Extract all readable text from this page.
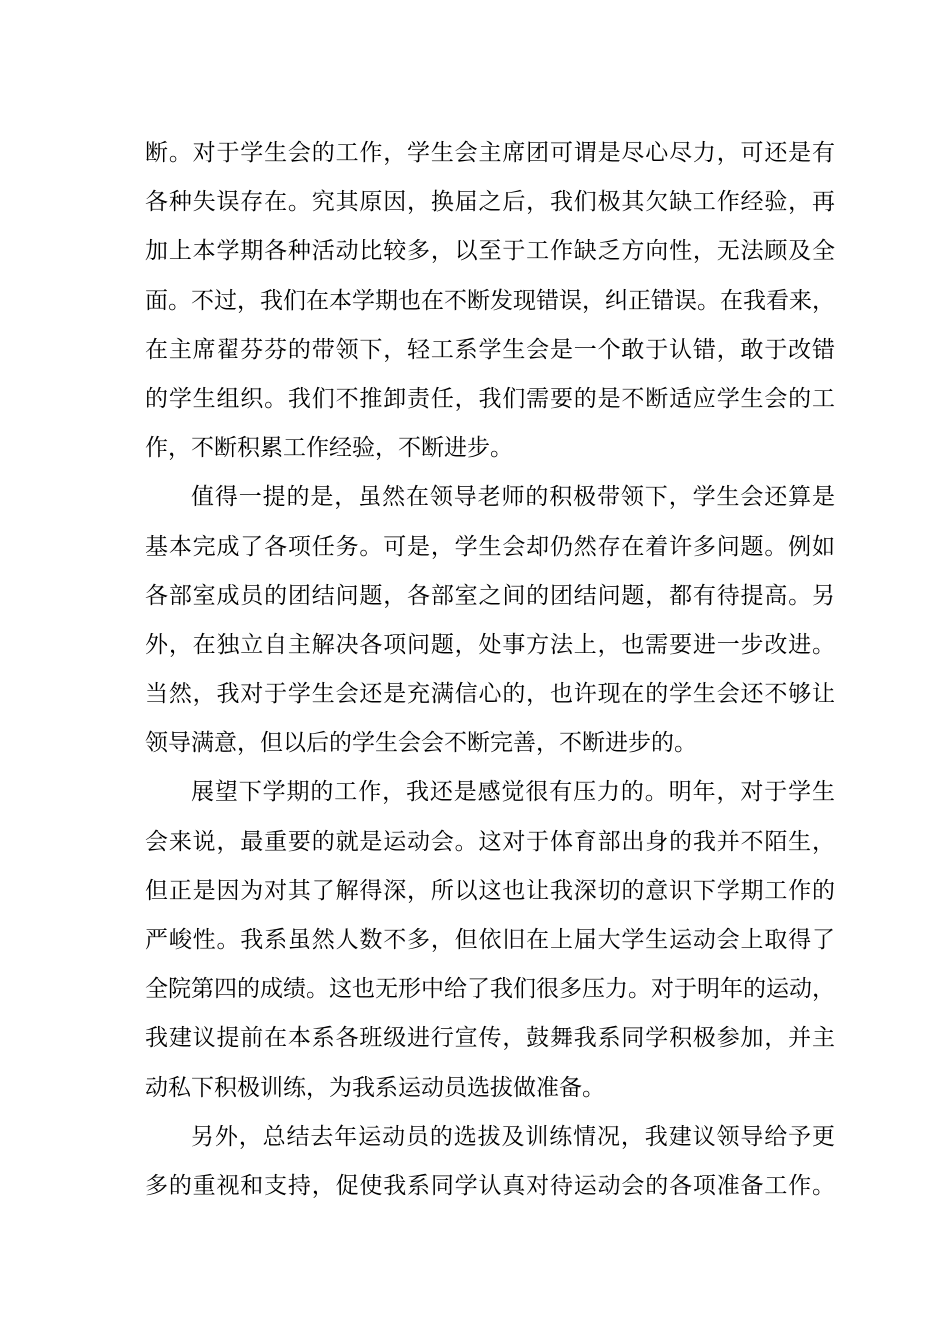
断。对于学生会的工作，学生会主席团可谓是尽心尽力，可还是有
各种失误存在。究其原因，换届之后，我们极其欠缺工作经验，再
加上本学期各种活动比较多，以至于工作缺乏方向性，无法顾及全
面。不过，我们在本学期也在不断发现错误，纠正错误。在我看来，
在主席翟芬芬的带领下，轻工系学生会是一个敢于认错，敢于改错
的学生组织。我们不推卸责任，我们需要的是不断适应学生会的工
作，不断积累工作经验，不断进步。
值得一提的是，虽然在领导老师的积极带领下，学生会还算是
基本完成了各项任务。可是，学生会却仍然存在着许多问题。例如
各部室成员的团结问题，各部室之间的团结问题，都有待提高。另
外，在独立自主解决各项问题，处事方法上，也需要进一步改进。
当然，我对于学生会还是充满信心的，也许现在的学生会还不够让
领导满意，但以后的学生会会不断完善，不断进步的。
展望下学期的工作，我还是感觉很有压力的。明年，对于学生
会来说，最重要的就是运动会。这对于体育部出身的我并不陌生，
但正是因为对其了解得深，所以这也让我深切的意识下学期工作的
严峻性。我系虽然人数不多，但依旧在上届大学生运动会上取得了
全院第四的成绩。这也无形中给了我们很多压力。对于明年的运动，
我建议提前在本系各班级进行宣传，鼓舞我系同学积极参加，并主
动私下积极训练，为我系运动员选拔做准备。
另外，总结去年运动员的选拔及训练情况，我建议领导给予更
多的重视和支持，促使我系同学认真对待运动会的各项准备工作。
